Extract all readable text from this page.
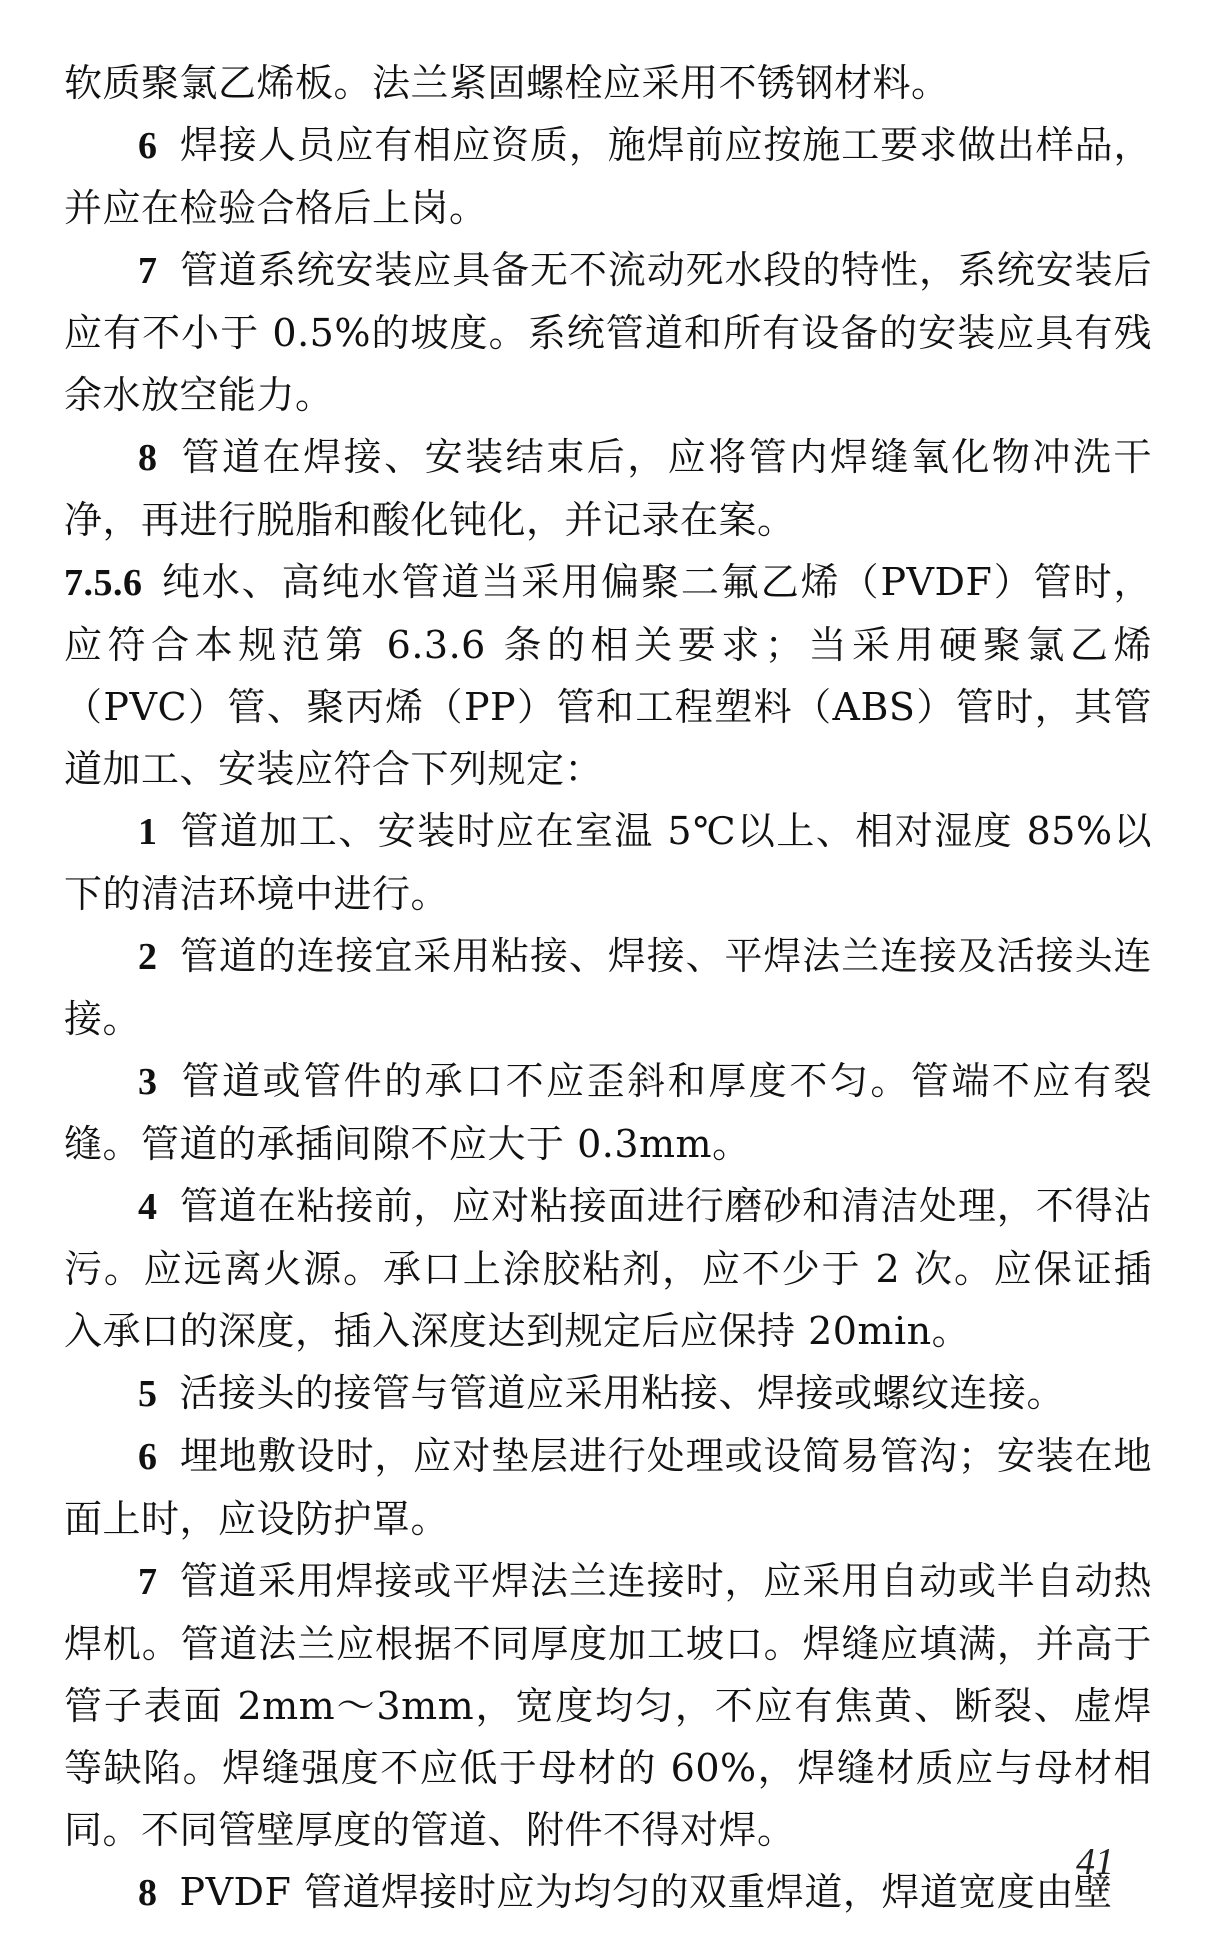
软质聚氯乙烯板。法兰紧固螺栓应采用不锈钢材料。

6 焊接人员应有相应资质，施焊前应按施工要求做出样品，并应在检验合格后上岗。

7 管道系统安装应具备无不流动死水段的特性，系统安装后应有不小于 0.5%的坡度。系统管道和所有设备的安装应具有残余水放空能力。

8 管道在焊接、安装结束后，应将管内焊缝氧化物冲洗干净，再进行脱脂和酸化钝化，并记录在案。

7.5.6 纯水、高纯水管道当采用偏聚二氟乙烯（PVDF）管时，应符合本规范第 6.3.6 条的相关要求；当采用硬聚氯乙烯（PVC）管、聚丙烯（PP）管和工程塑料（ABS）管时，其管道加工、安装应符合下列规定：

1 管道加工、安装时应在室温 5℃以上、相对湿度 85%以下的清洁环境中进行。

2 管道的连接宜采用粘接、焊接、平焊法兰连接及活接头连接。

3 管道或管件的承口不应歪斜和厚度不匀。管端不应有裂缝。管道的承插间隙不应大于 0.3mm。

4 管道在粘接前，应对粘接面进行磨砂和清洁处理，不得沾污。应远离火源。承口上涂胶粘剂，应不少于 2 次。应保证插入承口的深度，插入深度达到规定后应保持 20min。

5 活接头的接管与管道应采用粘接、焊接或螺纹连接。

6 埋地敷设时，应对垫层进行处理或设简易管沟；安装在地面上时，应设防护罩。

7 管道采用焊接或平焊法兰连接时，应采用自动或半自动热焊机。管道法兰应根据不同厚度加工坡口。焊缝应填满，并高于管子表面 2mm～3mm，宽度均匀，不应有焦黄、断裂、虚焊等缺陷。焊缝强度不应低于母材的 60%，焊缝材质应与母材相同。不同管壁厚度的管道、附件不得对焊。

8 PVDF 管道焊接时应为均匀的双重焊道，焊道宽度由壁

41
